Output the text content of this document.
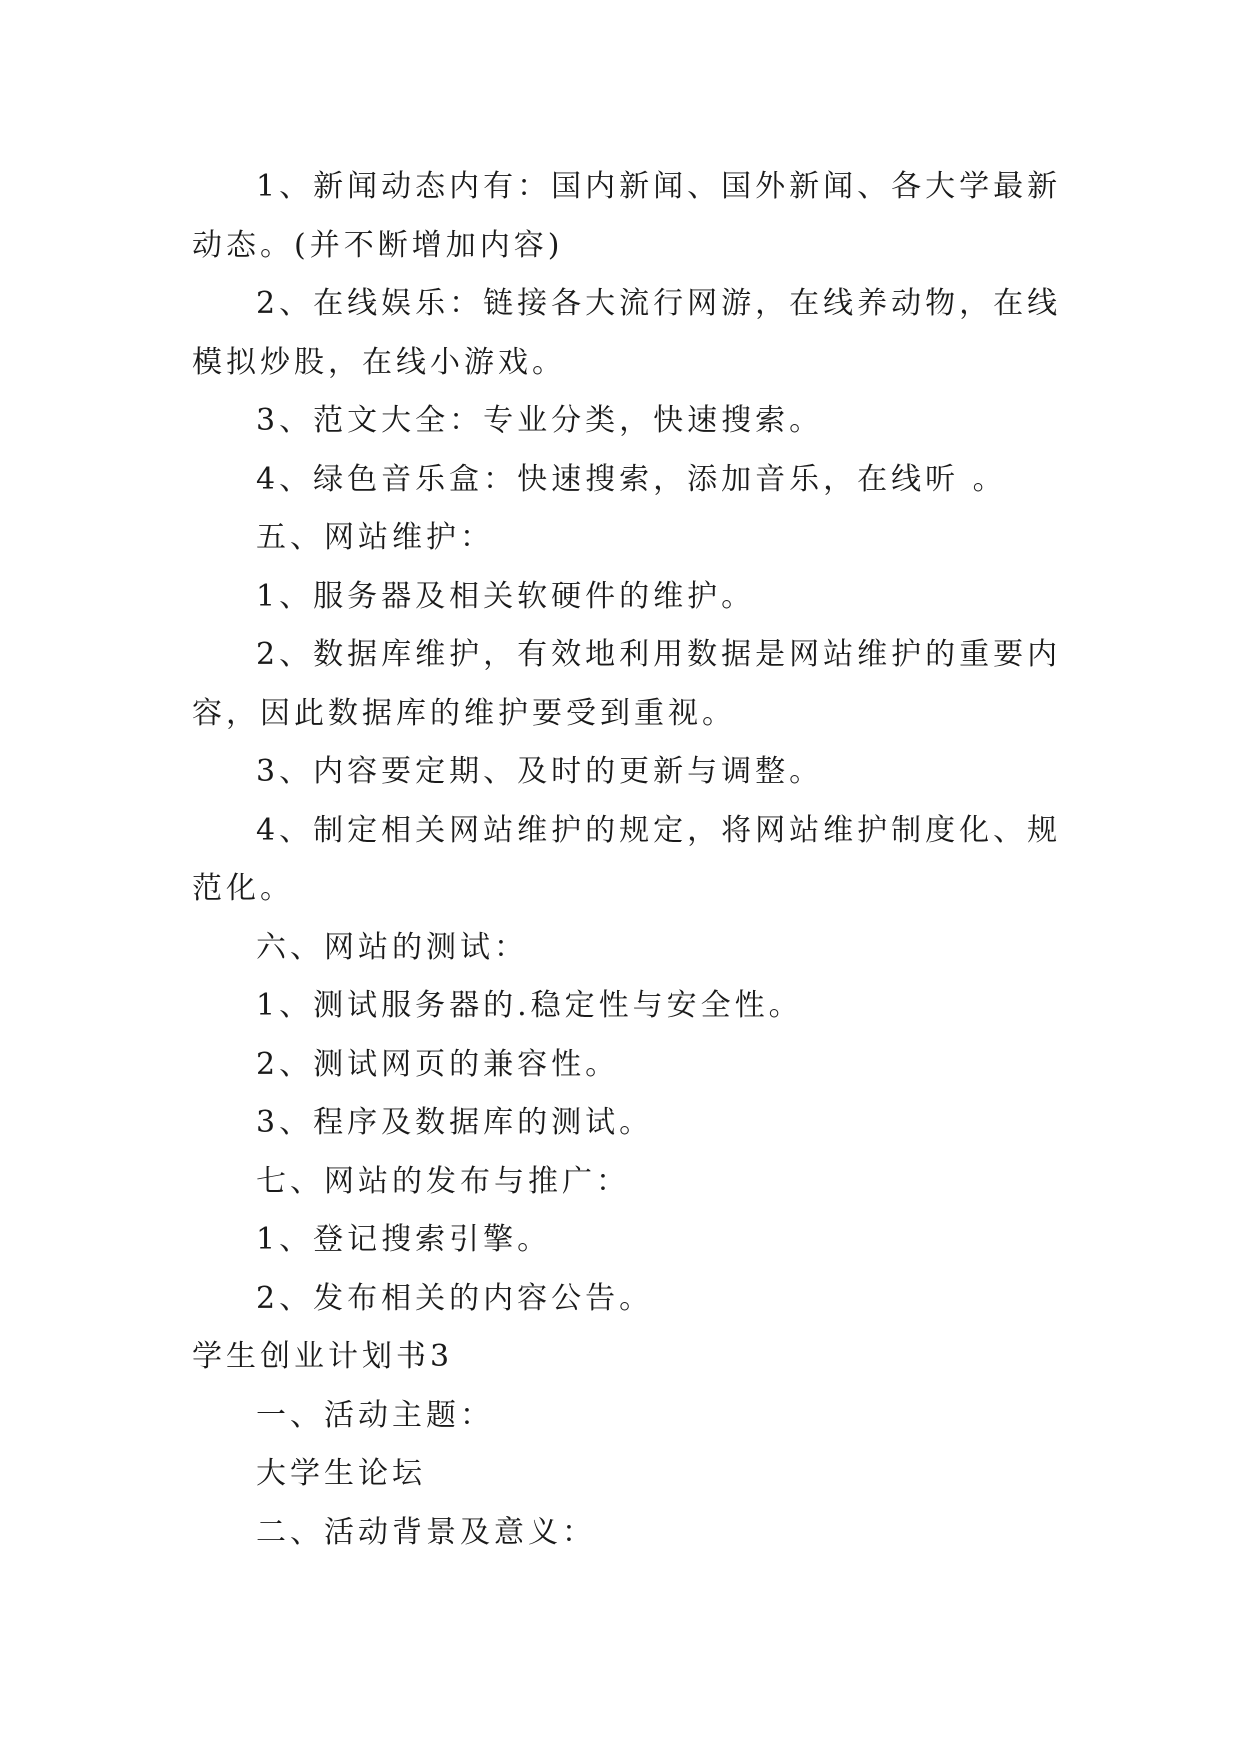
1、新闻动态内有：国内新闻、国外新闻、各大学最新动态。(并不断增加内容)

2、在线娱乐：链接各大流行网游，在线养动物，在线模拟炒股，在线小游戏。

3、范文大全：专业分类，快速搜索。

4、绿色音乐盒：快速搜索，添加音乐，在线听 。

五、网站维护：

1、服务器及相关软硬件的维护。

2、数据库维护，有效地利用数据是网站维护的重要内容，因此数据库的维护要受到重视。

3、内容要定期、及时的更新与调整。

4、制定相关网站维护的规定，将网站维护制度化、规范化。

六、网站的测试：

1、测试服务器的.稳定性与安全性。

2、测试网页的兼容性。

3、程序及数据库的测试。

七、网站的发布与推广：

1、登记搜索引擎。

2、发布相关的内容公告。

学生创业计划书3

一、活动主题：

大学生论坛

二、活动背景及意义：
